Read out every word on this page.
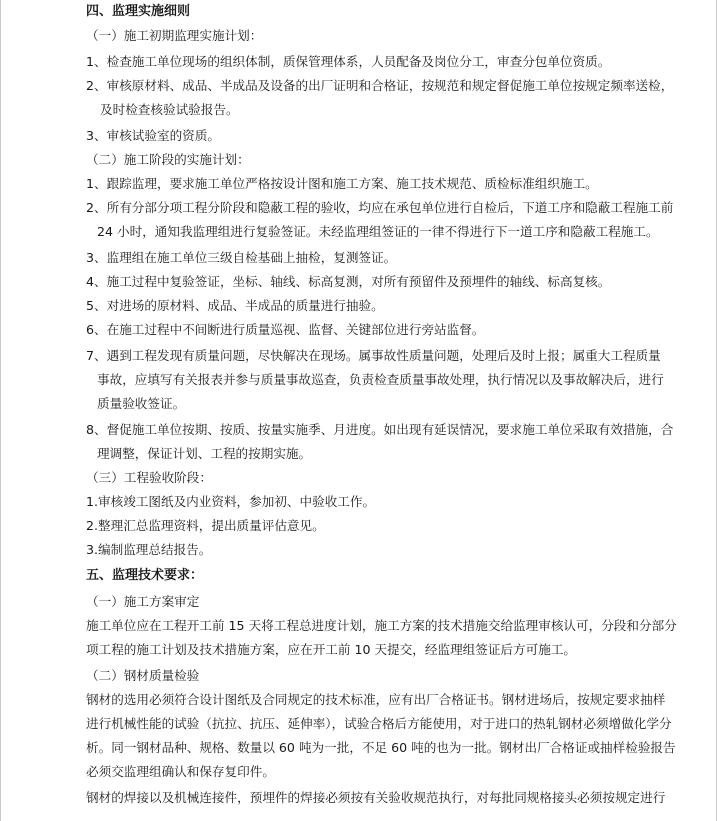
四、监理实施细则
（一）施工初期监理实施计划：
1、检查施工单位现场的组织体制，质保管理体系，人员配备及岗位分工，审查分包单位资质。
2、审核原材料、成品、半成品及设备的出厂证明和合格证，按规范和规定督促施工单位按规定频率送检，
及时检查核验试验报告。
3、审核试验室的资质。
（二）施工阶段的实施计划：
1、跟踪监理，要求施工单位严格按设计图和施工方案、施工技术规范、质检标准组织施工。
2、所有分部分项工程分阶段和隐蔽工程的验收，均应在承包单位进行自检后，下道工序和隐蔽工程施工前
24 小时，通知我监理组进行复验签证。未经监理组签证的一律不得进行下一道工序和隐蔽工程施工。
3、监理组在施工单位三级自检基础上抽检，复测签证。
4、施工过程中复验签证，坐标、轴线、标高复测，对所有预留件及预埋件的轴线、标高复核。
5、对进场的原材料、成品、半成品的质量进行抽验。
6、在施工过程中不间断进行质量巡视、监督、关键部位进行旁站监督。
7、遇到工程发现有质量问题，尽快解决在现场。属事故性质量问题，处理后及时上报；属重大工程质量
事故，应填写有关报表并参与质量事故巡查，负责检查质量事故处理，执行情况以及事故解决后，进行
质量验收签证。
8、督促施工单位按期、按质、按量实施季、月进度。如出现有延误情况，要求施工单位采取有效措施，合
理调整，保证计划、工程的按期实施。
（三）工程验收阶段：
1.审核竣工图纸及内业资料，参加初、中验收工作。
2.整理汇总监理资料，提出质量评估意见。
3.编制监理总结报告。
五、监理技术要求：
（一）施工方案审定
施工单位应在工程开工前 15 天将工程总进度计划，施工方案的技术措施交给监理审核认可，分段和分部分
项工程的施工计划及技术措施方案，应在开工前 10 天提交，经监理组签证后方可施工。
（二）钢材质量检验
钢材的选用必须符合设计图纸及合同规定的技术标准，应有出厂合格证书。钢材进场后，按规定要求抽样
进行机械性能的试验（抗拉、抗压、延伸率），试验合格后方能使用，对于进口的热轧钢材必须增做化学分
析。同一钢材品种、规格、数量以 60 吨为一批，不足 60 吨的也为一批。钢材出厂合格证或抽样检验报告
必须交监理组确认和保存复印件。
钢材的焊接以及机械连接件，预埋件的焊接必须按有关验收规范执行，对每批同规格接头必须按规定进行
